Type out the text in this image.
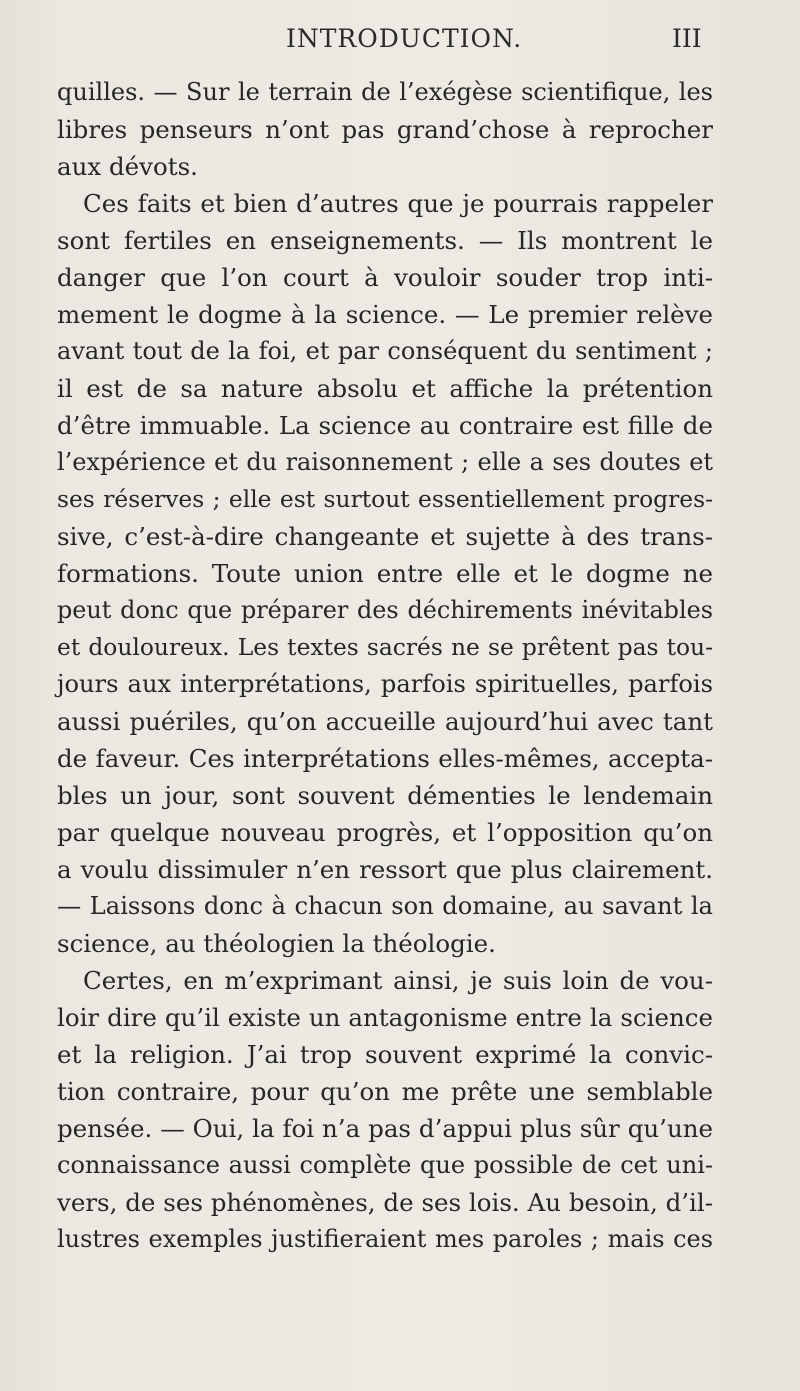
INTRODUCTION.	III

quilles. — Sur le terrain de l’exégèse scientifique, les
libres penseurs n’ont pas grand’chose à reprocher
aux dévots.

Ces faits et bien d’autres que je pourrais rappeler
sont fertiles en enseignements. — Ils montrent le
danger que l’on court à vouloir souder trop inti-
mement le dogme à la science. — Le premier relève
avant tout de la foi, et par conséquent du sentiment ;
il est de sa nature absolu et affiche la prétention
d’être immuable. La science au contraire est fille de
l’expérience et du raisonnement ; elle a ses doutes et
ses réserves ; elle est surtout essentiellement progres-
sive, c’est-à-dire changeante et sujette à des trans-
formations. Toute union entre elle et le dogme ne
peut donc que préparer des déchirements inévitables
et douloureux. Les textes sacrés ne se prêtent pas tou-
jours aux interprétations, parfois spirituelles, parfois
aussi puériles, qu’on accueille aujourd’hui avec tant
de faveur. Ces interprétations elles-mêmes, accepta-
bles un jour, sont souvent démenties le lendemain
par quelque nouveau progrès, et l’opposition qu’on
a voulu dissimuler n’en ressort que plus clairement.
— Laissons donc à chacun son domaine, au savant la
science, au théologien la théologie.

Certes, en m’exprimant ainsi, je suis loin de vou-
loir dire qu’il existe un antagonisme entre la science
et la religion. J’ai trop souvent exprimé la convic-
tion contraire, pour qu’on me prête une semblable
pensée. — Oui, la foi n’a pas d’appui plus sûr qu’une
connaissance aussi complète que possible de cet uni-
vers, de ses phénomènes, de ses lois. Au besoin, d’il-
lustres exemples justifieraient mes paroles ; mais ces
